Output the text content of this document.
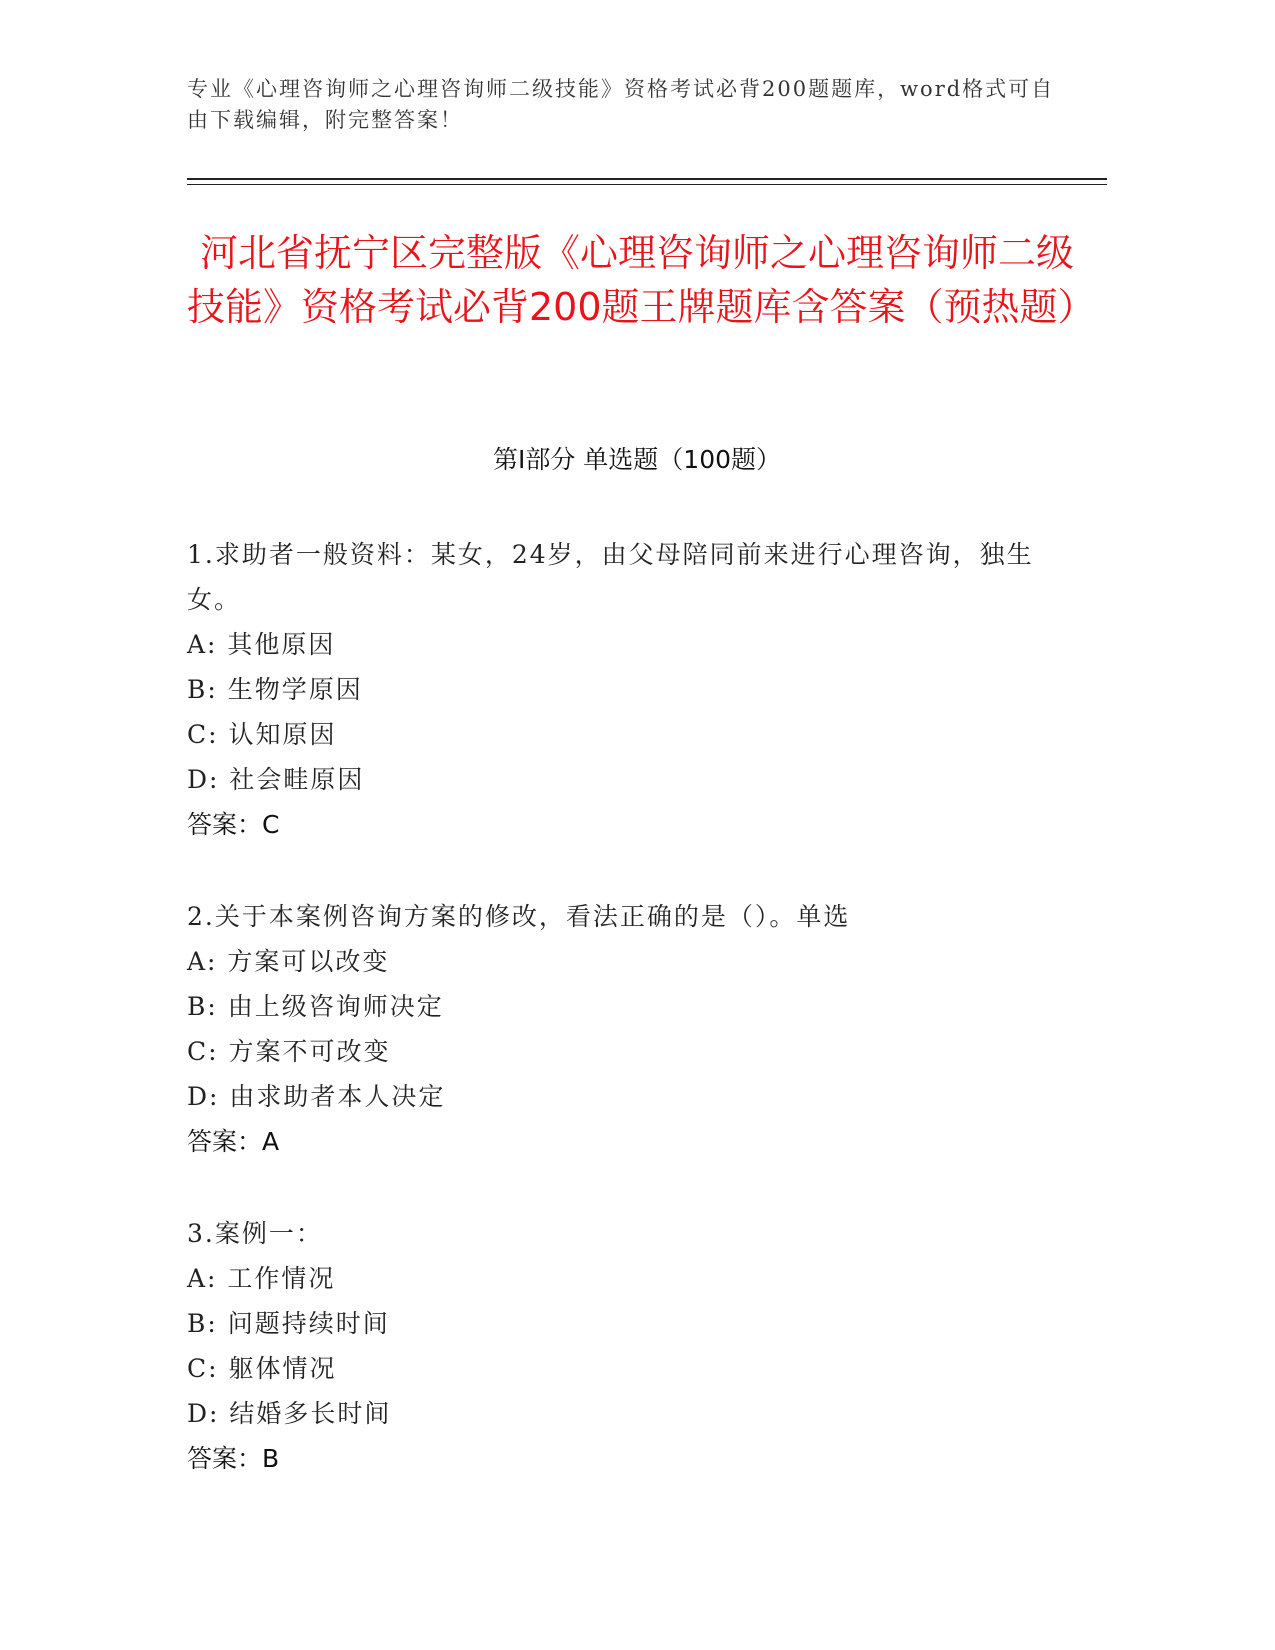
专业《心理咨询师之心理咨询师二级技能》资格考试必背200题题库，word格式可自由下载编辑，附完整答案！
河北省抚宁区完整版《心理咨询师之心理咨询师二级技能》资格考试必背200题王牌题库含答案（预热题）
第Ⅰ部分 单选题（100题）
1.求助者一般资料：某女，24岁，由父母陪同前来进行心理咨询，独生女。
A: 其他原因
B: 生物学原因
C: 认知原因
D: 社会畦原因
答案：C
2.关于本案例咨询方案的修改，看法正确的是（）。单选
A: 方案可以改变
B: 由上级咨询师决定
C: 方案不可改变
D: 由求助者本人决定
答案：A
3.案例一：
A: 工作情况
B: 问题持续时间
C: 躯体情况
D: 结婚多长时间
答案：B
